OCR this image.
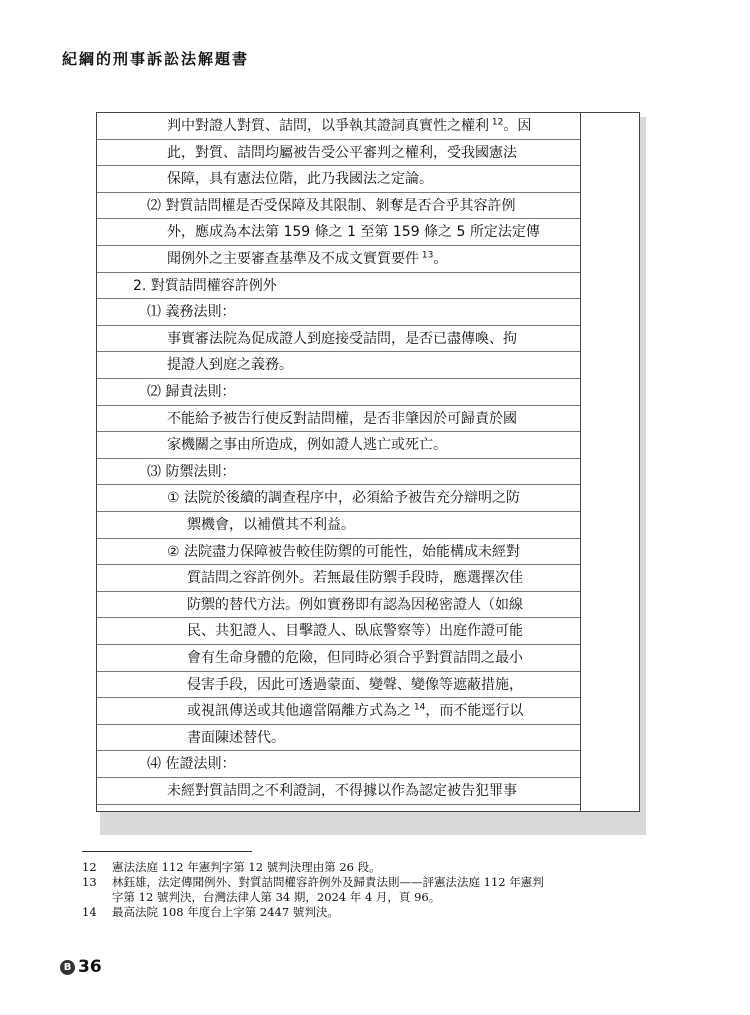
紀綱的刑事訴訟法解題書
判中對證人對質、詰問，以爭執其證詞真實性之權利 $^{12}$。因
此，對質、詰問均屬被告受公平審判之權利，受我國憲法
保障，具有憲法位階，此乃我國法之定論。
⑵ 對質詰問權是否受保障及其限制、剝奪是否合乎其容許例
外，應成為本法第 159 條之 1 至第 159 條之 5 所定法定傳
聞例外之主要審查基準及不成文實質要件 $^{13}$。
2. 對質詰問權容許例外
⑴ 義務法則：
事實審法院為促成證人到庭接受詰問，是否已盡傳喚、拘
提證人到庭之義務。
⑵ 歸責法則：
不能給予被告行使反對詰問權，是否非肇因於可歸責於國
家機關之事由所造成，例如證人逃亡或死亡。
⑶ 防禦法則：
① 法院於後續的調查程序中，必須給予被告充分辯明之防
禦機會，以補償其不利益。
② 法院盡力保障被告較佳防禦的可能性，始能構成未經對
質詰問之容許例外。若無最佳防禦手段時，應選擇次佳
防禦的替代方法。例如實務即有認為因秘密證人（如線
民、共犯證人、目擊證人、臥底警察等）出庭作證可能
會有生命身體的危險，但同時必須合乎對質詰問之最小
侵害手段，因此可透過蒙面、變聲、變像等遮蔽措施，
或視訊傳送或其他適當隔離方式為之 $^{14}$，而不能逕行以
書面陳述替代。
⑷ 佐證法則：
未經對質詰問之不利證詞，不得據以作為認定被告犯罪事
12 憲法法庭 112 年憲判字第 12 號判決理由第 26 段。
13 林鈺雄，法定傳聞例外、對質詰問權容許例外及歸責法則——評憲法法庭 112 年憲判
字第 12 號判決，台灣法律人第 34 期，2024 年 4 月，頁 96。
14 最高法院 108 年度台上字第 2447 號判決。
B 36
